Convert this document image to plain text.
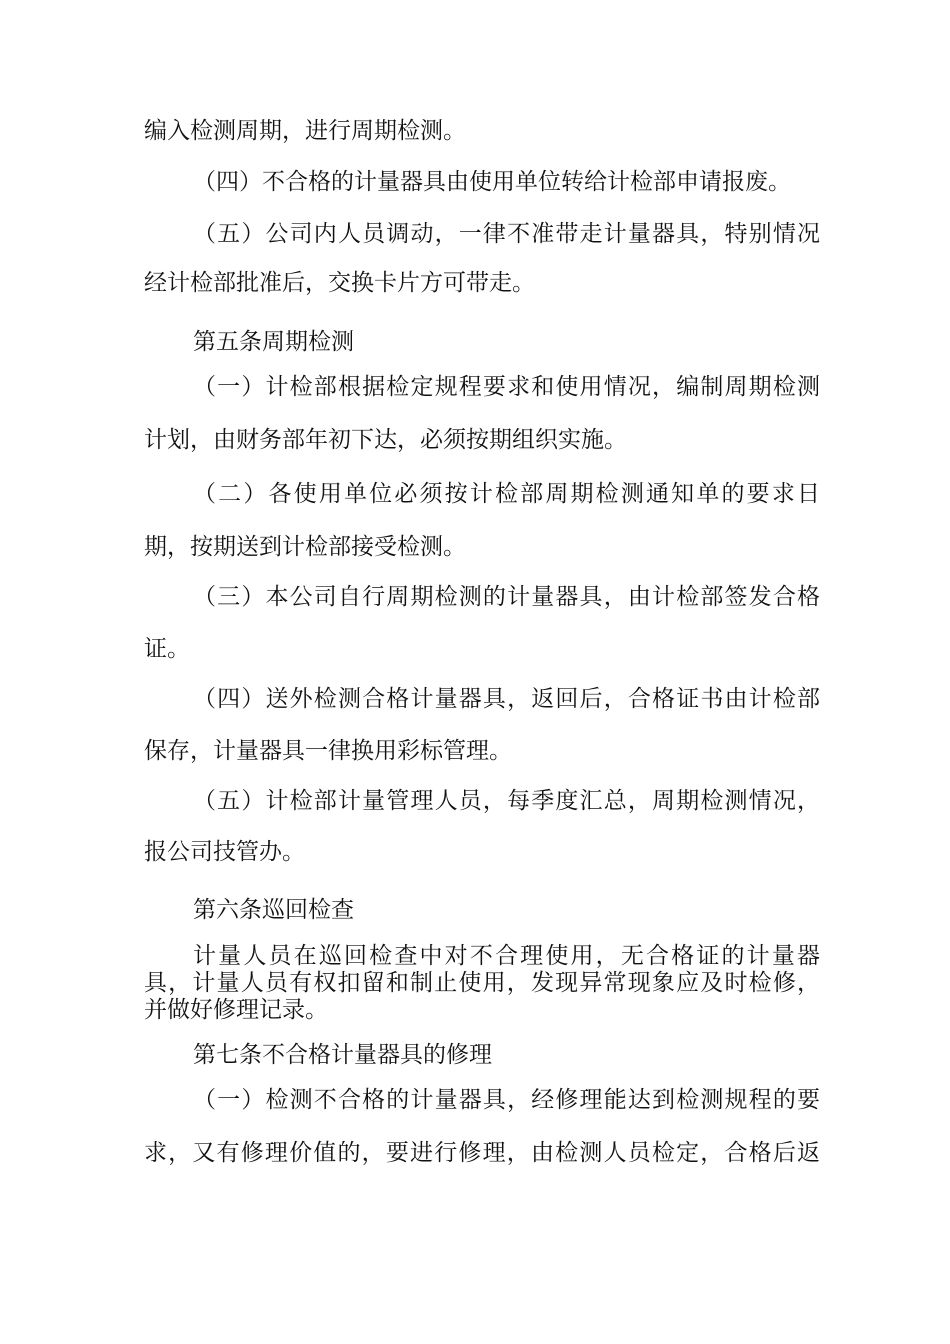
编入检测周期，进行周期检测。
（四）不合格的计量器具由使用单位转给计检部申请报废。
（五）公司内人员调动，一律不准带走计量器具，特别情况
经计检部批准后，交换卡片方可带走。
第五条周期检测
（一）计检部根据检定规程要求和使用情况，编制周期检测
计划，由财务部年初下达，必须按期组织实施。
（二）各使用单位必须按计检部周期检测通知单的要求日
期，按期送到计检部接受检测。
（三）本公司自行周期检测的计量器具，由计检部签发合格
证。
（四）送外检测合格计量器具，返回后，合格证书由计检部
保存，计量器具一律换用彩标管理。
（五）计检部计量管理人员，每季度汇总，周期检测情况，
报公司技管办。
第六条巡回检查
计量人员在巡回检查中对不合理使用，无合格证的计量器
具，计量人员有权扣留和制止使用，发现异常现象应及时检修，
并做好修理记录。
第七条不合格计量器具的修理
（一）检测不合格的计量器具，经修理能达到检测规程的要
求，又有修理价值的，要进行修理，由检测人员检定，合格后返
